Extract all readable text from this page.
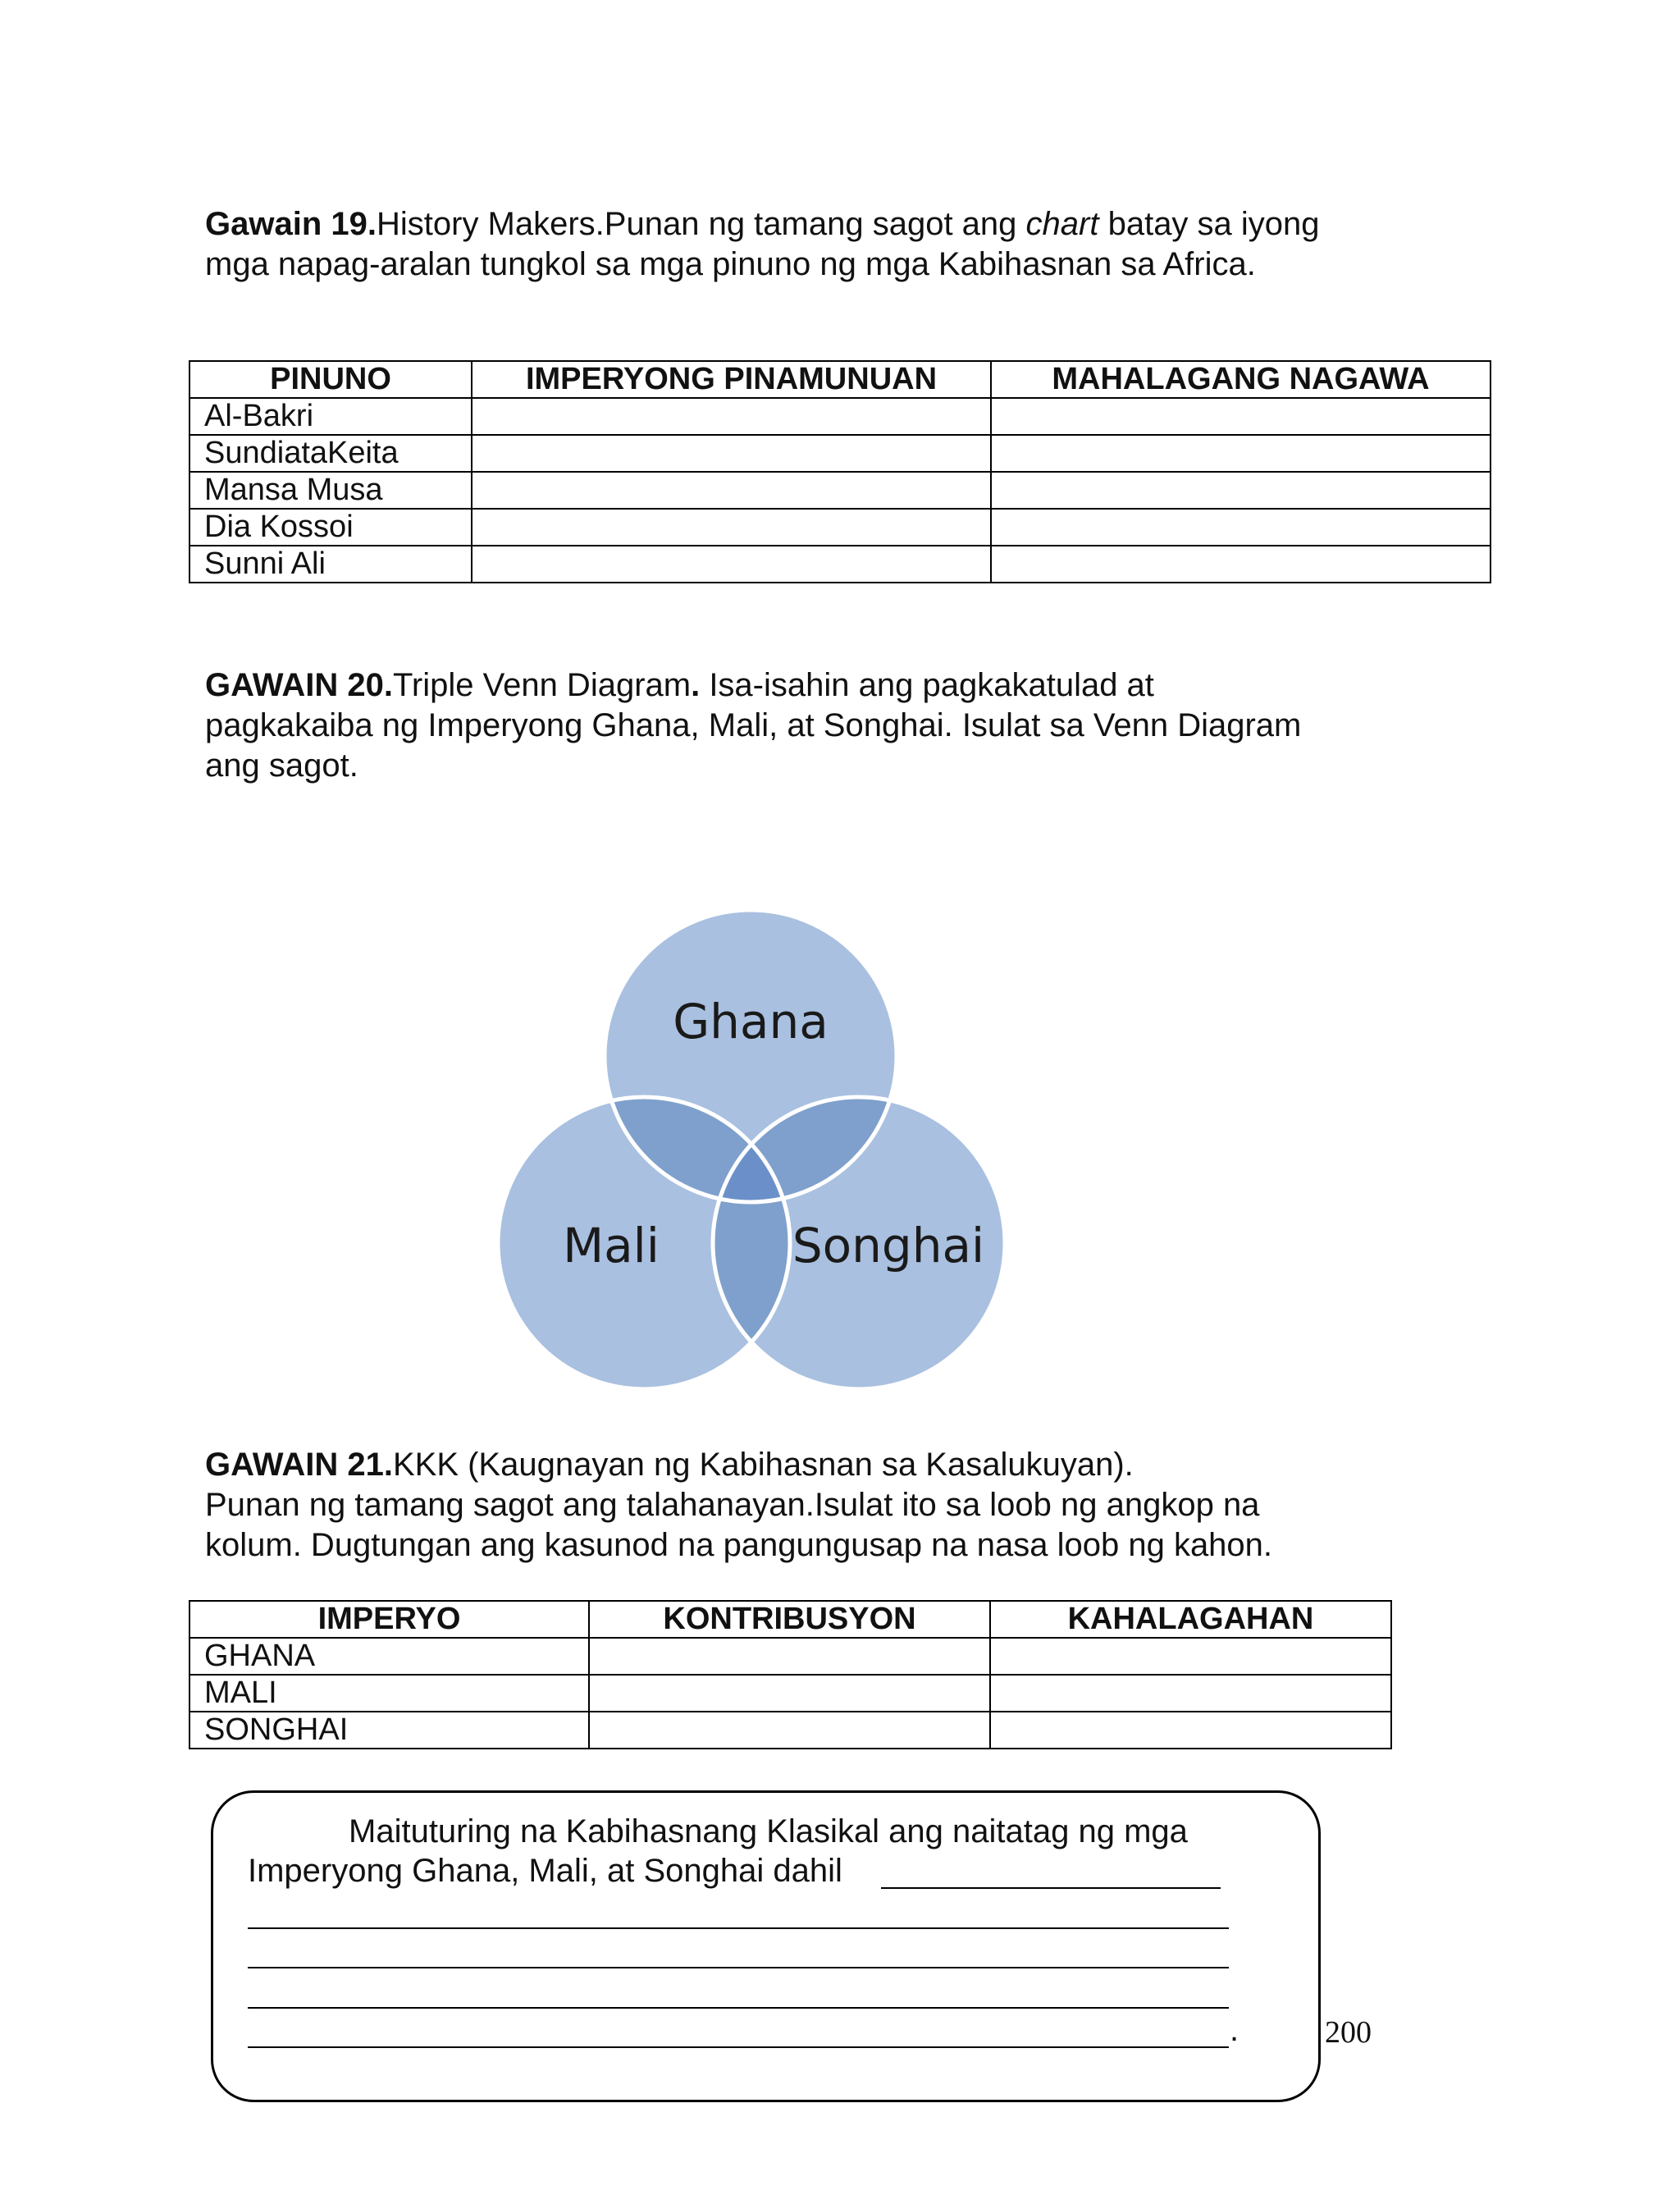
Gawain 19.History Makers.Punan ng tamang sagot ang chart batay sa iyong
mga napag-aralan tungkol sa mga pinuno ng mga Kabihasnan sa Africa.
PINUNO	IMPERYONG PINAMUNUAN	MAHALAGANG NAGAWA
Al-Bakri		
SundiataKeita		
Mansa Musa		
Dia Kossoi		
Sunni Ali		
GAWAIN 20.Triple Venn Diagram. Isa-isahin ang pagkakatulad at
pagkakaiba ng Imperyong Ghana, Mali, at Songhai. Isulat sa Venn Diagram
ang sagot.
Ghana
Mali	Songhai
GAWAIN 21.KKK (Kaugnayan ng Kabihasnan sa Kasalukuyan).
Punan ng tamang sagot ang talahanayan.Isulat ito sa loob ng angkop na
kolum. Dugtungan ang kasunod na pangungusap na nasa loob ng kahon.
IMPERYO	KONTRIBUSYON	KAHALAGAHAN
GHANA		
MALI		
SONGHAI		
Maituturing na Kabihasnang Klasikal ang naitatag ng mga
Imperyong Ghana, Mali, at Songhai dahil
.	200
